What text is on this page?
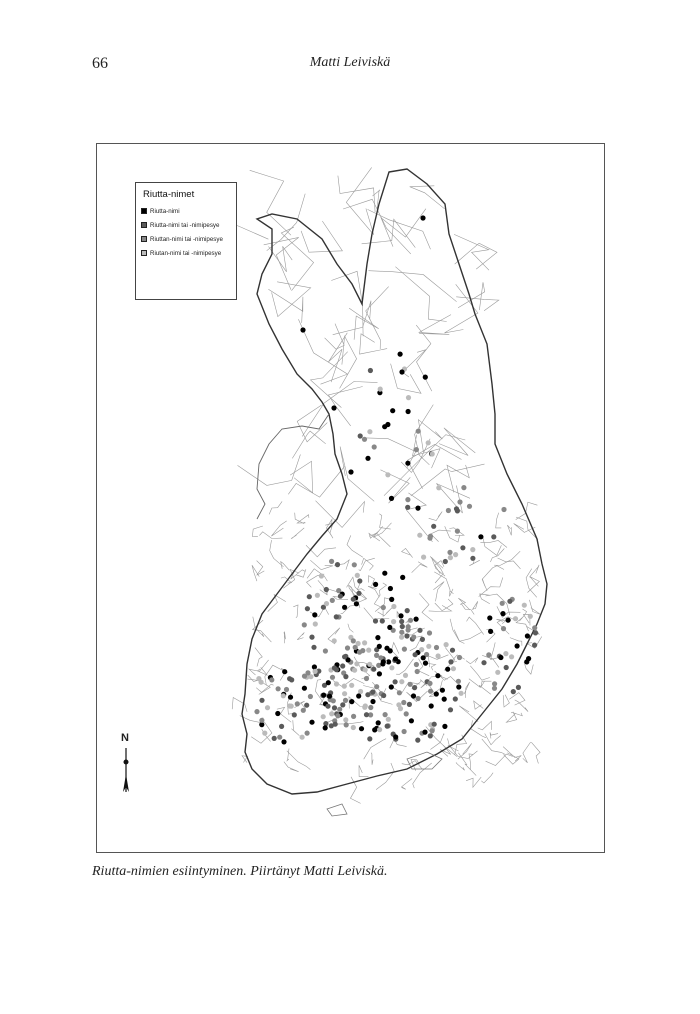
66	Matti Leiviskä
Riutta-nimet
Riutta-nimi
Riutta-nimi tai -nimipesye
Riuttan-nimi tai -nimipesye
Riutan-nimi tai -nimipesye
N
Riutta-nimien esiintyminen. Piirtänyt Matti Leiviskä.
